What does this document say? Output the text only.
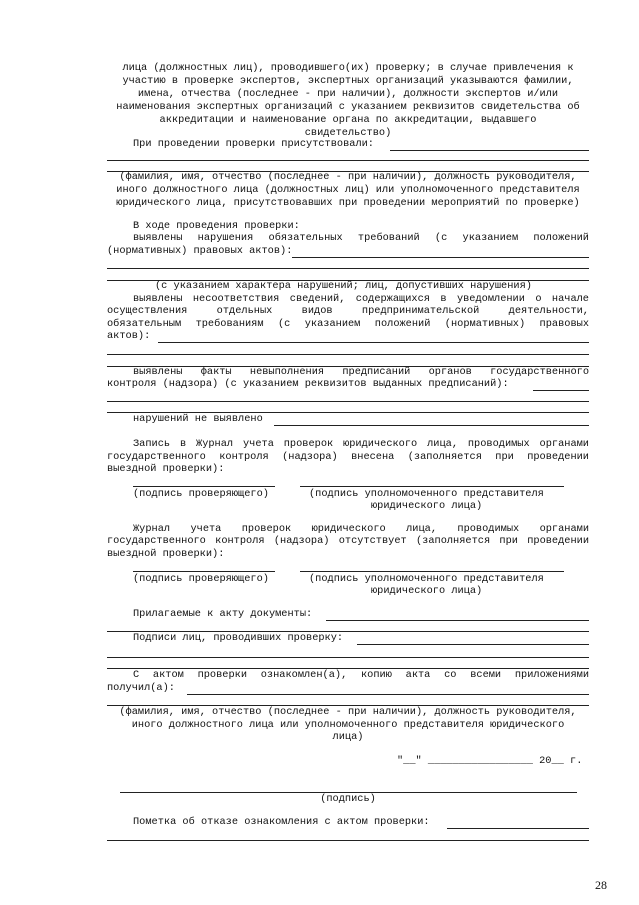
лица (должностных лиц), проводившего(их) проверку; в случае привлечения к
участию в проверке экспертов, экспертных организаций указываются фамилии,
имена, отчества (последнее - при наличии), должности экспертов и/или
наименования экспертных организаций с указанием реквизитов свидетельства об
аккредитации и наименование органа по аккредитации, выдавшего
свидетельство)
При проведении проверки присутствовали:
(фамилия, имя, отчество (последнее - при наличии), должность руководителя,
иного должностного лица (должностных лиц) или уполномоченного представителя
юридического лица, присутствовавших при проведении мероприятий по проверке)
В ходе проведения проверки:
выявлены нарушения обязательных требований (с указанием положений
(нормативных) правовых актов):
(с указанием характера нарушений; лиц, допустивших нарушения)
выявлены несоответствия сведений, содержащихся в уведомлении о начале
осуществления отдельных видов предпринимательской деятельности,
обязательным требованиям (с указанием положений (нормативных) правовых
актов):
выявлены факты невыполнения предписаний органов государственного
контроля (надзора) (с указанием реквизитов выданных предписаний):
нарушений не выявлено
Запись в Журнал учета проверок юридического лица, проводимых органами
государственного контроля (надзора) внесена (заполняется при проведении
выездной проверки):
(подпись проверяющего)	(подпись уполномоченного представителя
юридического лица)
Журнал учета проверок юридического лица, проводимых органами
государственного контроля (надзора) отсутствует (заполняется при проведении
выездной проверки):
(подпись проверяющего)	(подпись уполномоченного представителя
юридического лица)
Прилагаемые к акту документы:
Подписи лиц, проводивших проверку:
С актом проверки ознакомлен(а), копию акта со всеми приложениями
получил(а):
(фамилия, имя, отчество (последнее - при наличии), должность руководителя,
иного должностного лица или уполномоченного представителя юридического
лица)
"__" _________________ 20__ г.
(подпись)
Пометка об отказе ознакомления с актом проверки:
28
